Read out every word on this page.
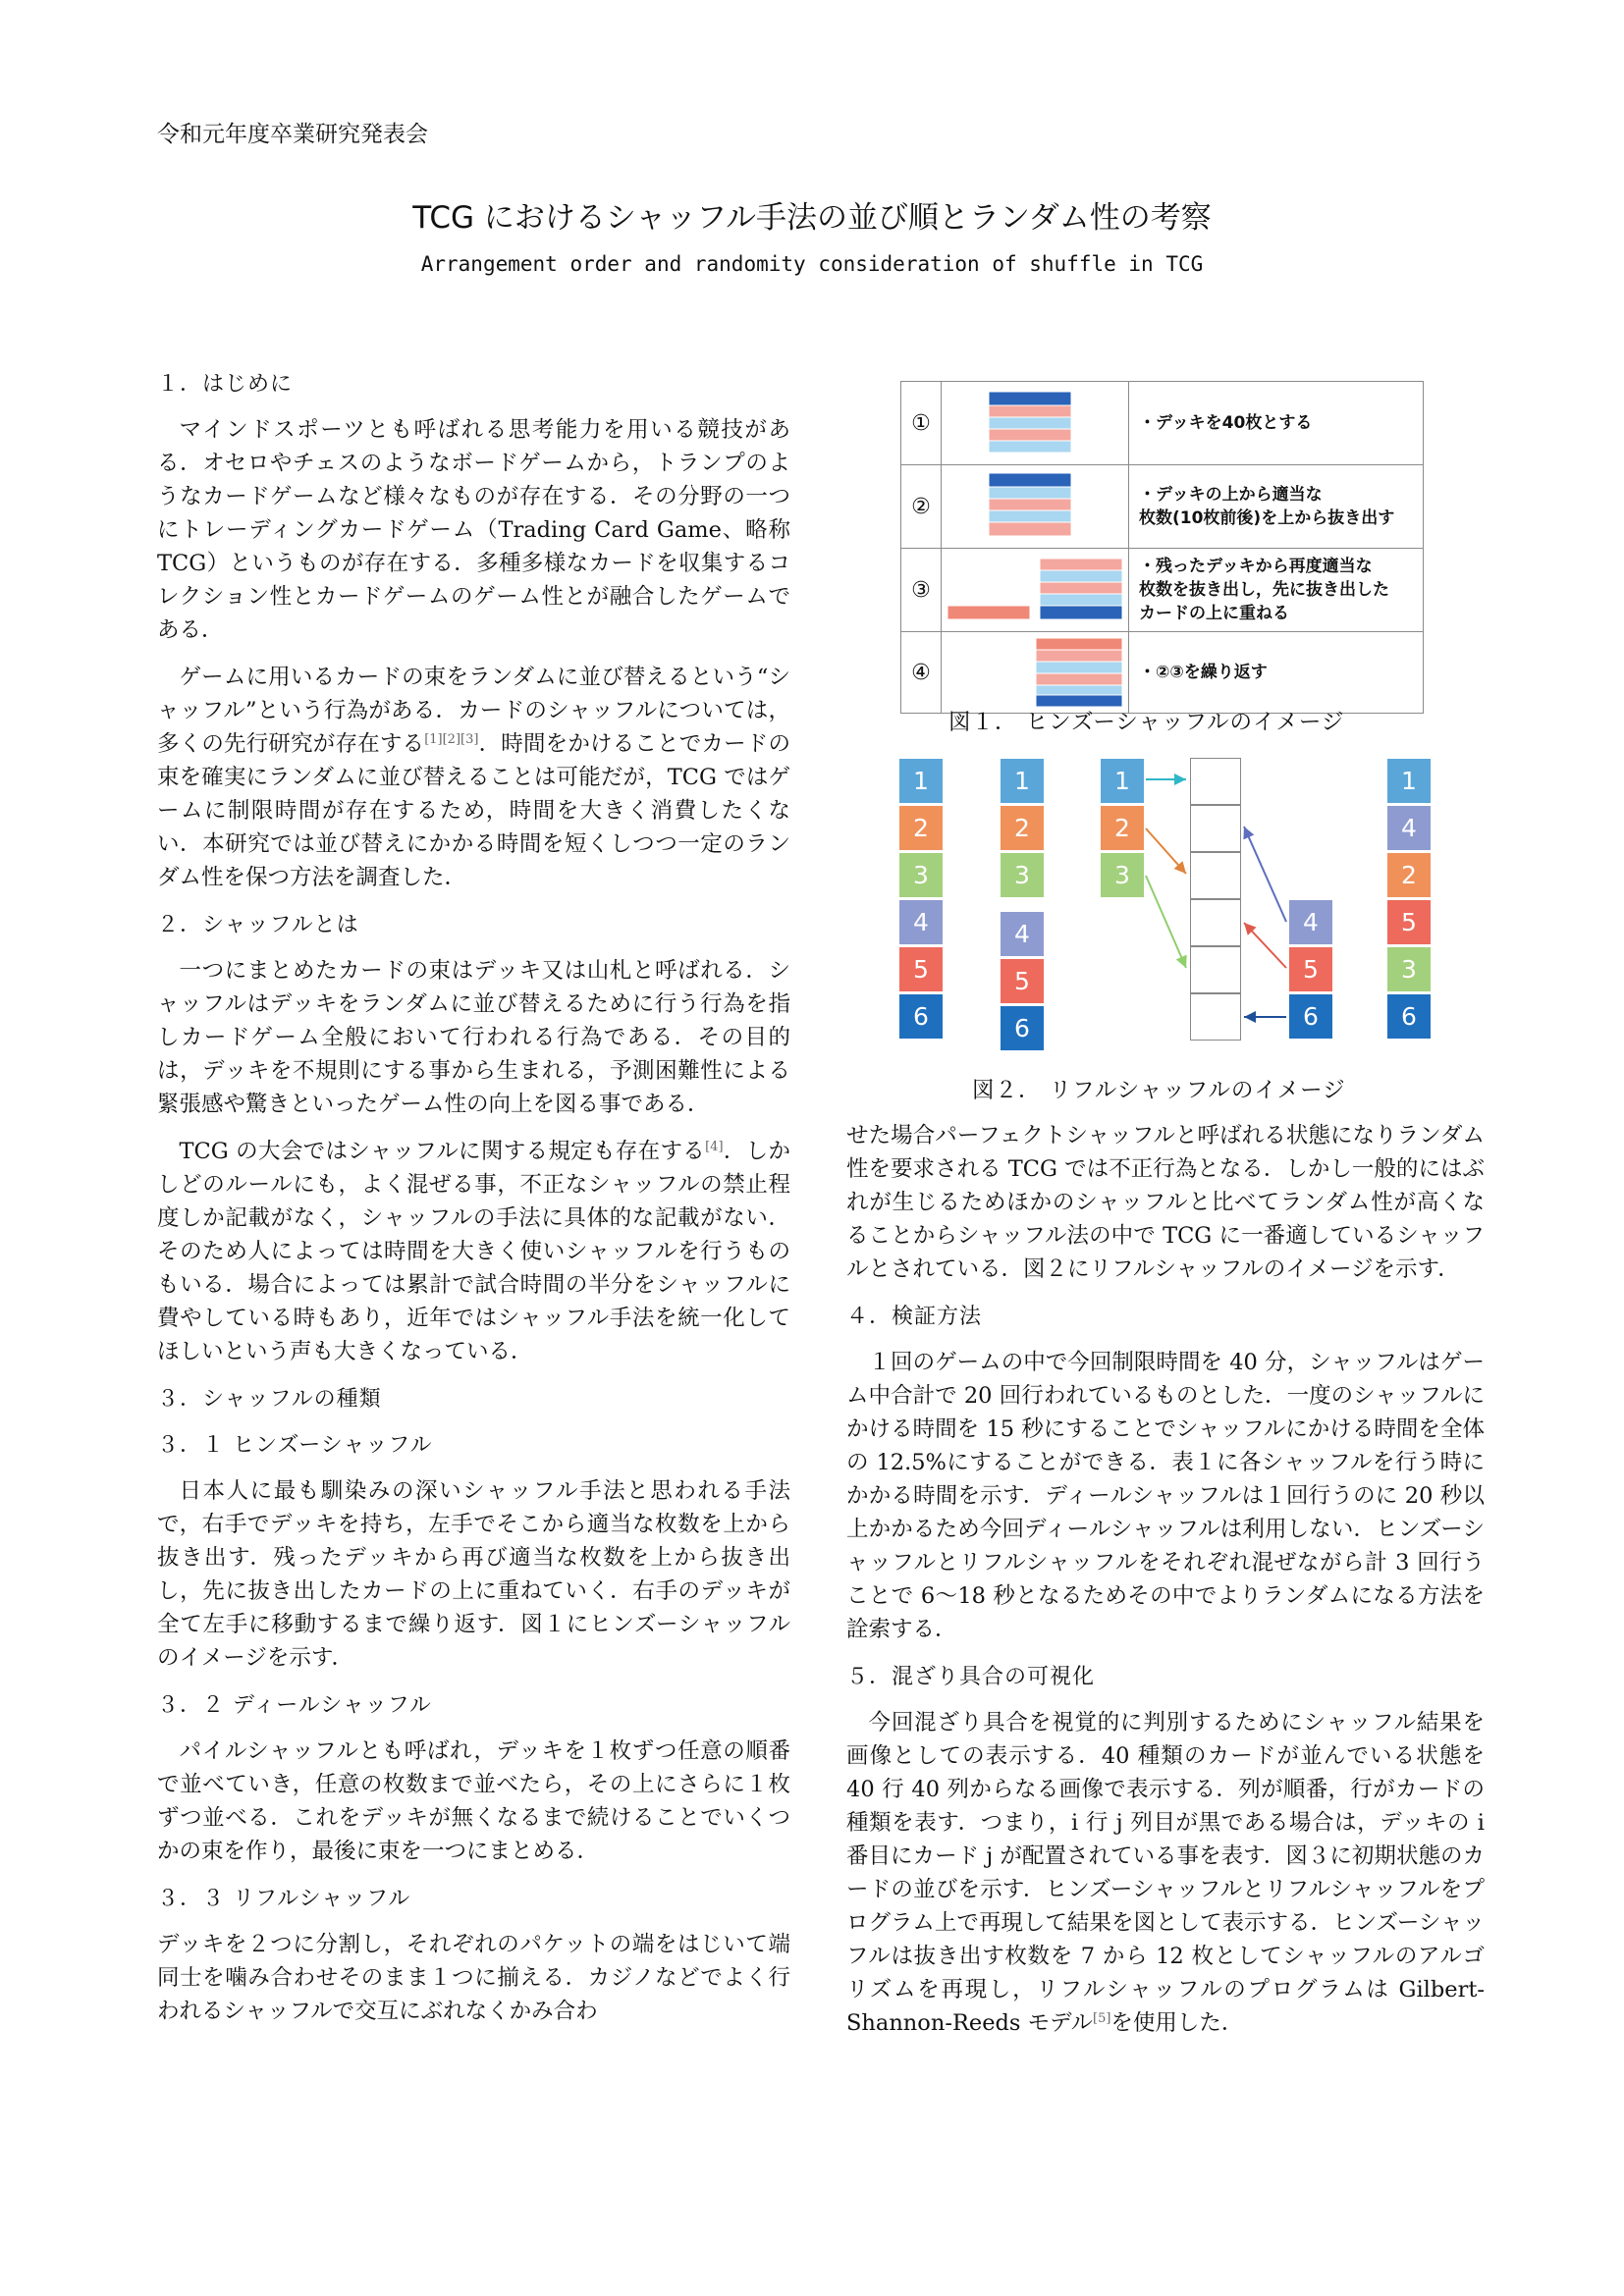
令和元年度卒業研究発表会
TCG におけるシャッフル手法の並び順とランダム性の考察
Arrangement order and randomity consideration of shuffle in TCG
１．はじめに

マインドスポーツとも呼ばれる思考能力を用いる競技がある．オセロやチェスのようなボードゲームから，トランプのようなカードゲームなど様々なものが存在する．その分野の一つにトレーディングカードゲーム（Trading Card Game、略称 TCG）というものが存在する．多種多様なカードを収集するコレクション性とカードゲームのゲーム性とが融合したゲームである．

ゲームに用いるカードの束をランダムに並び替えるという“シャッフル”という行為がある．カードのシャッフルについては，多くの先行研究が存在する[1][2][3]．時間をかけることでカードの束を確実にランダムに並び替えることは可能だが，TCG ではゲームに制限時間が存在するため，時間を大きく消費したくない．本研究では並び替えにかかる時間を短くしつつ一定のランダム性を保つ方法を調査した．

２．シャッフルとは

一つにまとめたカードの束はデッキ又は山札と呼ばれる．シャッフルはデッキをランダムに並び替えるために行う行為を指しカードゲーム全般において行われる行為である．その目的は，デッキを不規則にする事から生まれる，予測困難性による緊張感や驚きといったゲーム性の向上を図る事である．

TCG の大会ではシャッフルに関する規定も存在する[4]．しかしどのルールにも，よく混ぜる事，不正なシャッフルの禁止程度しか記載がなく，シャッフルの手法に具体的な記載がない．そのため人によっては時間を大きく使いシャッフルを行うものもいる．場合によっては累計で試合時間の半分をシャッフルに費やしている時もあり，近年ではシャッフル手法を統一化してほしいという声も大きくなっている．

３．シャッフルの種類
３．１ ヒンズーシャッフル

日本人に最も馴染みの深いシャッフル手法と思われる手法で，右手でデッキを持ち，左手でそこから適当な枚数を上から抜き出す．残ったデッキから再び適当な枚数を上から抜き出し，先に抜き出したカードの上に重ねていく．右手のデッキが全て左手に移動するまで繰り返す．図１にヒンズーシャッフルのイメージを示す．

３．２ ディールシャッフル

パイルシャッフルとも呼ばれ，デッキを１枚ずつ任意の順番で並べていき，任意の枚数まで並べたら，その上にさらに１枚ずつ並べる．これをデッキが無くなるまで続けることでいくつかの束を作り，最後に束を一つにまとめる．

３．３ リフルシャッフル

デッキを２つに分割し，それぞれのパケットの端をはじいて端同士を噛み合わせそのまま１つに揃える．カジノなどでよく行われるシャッフルで交互にぶれなくかみ合わ

①		・デッキを40枚とする
②		・デッキの上から適当な
枚数(10枚前後)を上から抜き出す
③		・残ったデッキから再度適当な
枚数を抜き出し，先に抜き出した
カードの上に重ねる
④		・②③を繰り返す
図１． ヒンズーシャッフルのイメージ
1
2
3
4
5
6
1
2
3
4
5
6
1
2
3
4
5
6
1
4
2
5
3
6
図２． リフルシャッフルのイメージ

せた場合パーフェクトシャッフルと呼ばれる状態になりランダム性を要求される TCG では不正行為となる．しかし一般的にはぶれが生じるためほかのシャッフルと比べてランダム性が高くなることからシャッフル法の中で TCG に一番適しているシャッフルとされている．図２にリフルシャッフルのイメージを示す．

４．検証方法

１回のゲームの中で今回制限時間を 40 分，シャッフルはゲーム中合計で 20 回行われているものとした．一度のシャッフルにかける時間を 15 秒にすることでシャッフルにかける時間を全体の 12.5%にすることができる．表１に各シャッフルを行う時にかかる時間を示す．ディールシャッフルは１回行うのに 20 秒以上かかるため今回ディールシャッフルは利用しない．ヒンズーシャッフルとリフルシャッフルをそれぞれ混ぜながら計 3 回行うことで 6〜18 秒となるためその中でよりランダムになる方法を詮索する．

５．混ざり具合の可視化

今回混ざり具合を視覚的に判別するためにシャッフル結果を画像としての表示する．40 種類のカードが並んでいる状態を 40 行 40 列からなる画像で表示する．列が順番，行がカードの種類を表す．つまり，i 行 j 列目が黒である場合は，デッキの i 番目にカード j が配置されている事を表す．図３に初期状態のカードの並びを示す．ヒンズーシャッフルとリフルシャッフルをプログラム上で再現して結果を図として表示する．ヒンズーシャッフルは抜き出す枚数を 7 から 12 枚としてシャッフルのアルゴリズムを再現し，リフルシャッフルのプログラムは Gilbert-Shannon-Reeds モデル[5]を使用した．
